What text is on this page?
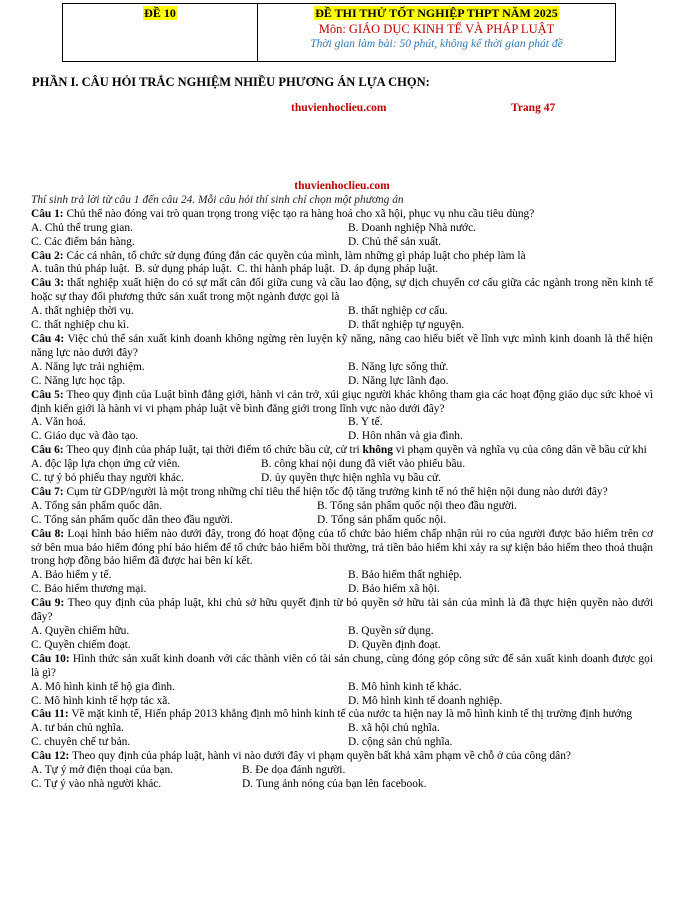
ĐỀ 10	ĐỀ THI THỬ TỐT NGHIỆP THPT NĂM 2025
Môn: GIÁO DỤC KINH TẾ VÀ PHÁP LUẬT
Thời gian làm bài: 50 phút, không kể thời gian phát đề
PHẦN I. CÂU HỎI TRẮC NGHIỆM NHIỀU PHƯƠNG ÁN LỰA CHỌN:
thuvienhoclieu.com	Trang 47
thuvienhoclieu.com
Thí sinh trả lời từ câu 1 đến câu 24. Mỗi câu hỏi thí sinh chỉ chọn một phương án
Câu 1: Chủ thể nào đóng vai trò quan trọng trong việc tạo ra hàng hoá cho xã hội, phục vụ nhu cầu tiêu dùng?
A. Chủ thể trung gian.	B. Doanh nghiệp Nhà nước.
C. Các điểm bán hàng.	D. Chủ thể sản xuất.
Câu 2: Các cá nhân, tổ chức sử dụng đúng đắn các quyền của mình, làm những gì pháp luật cho phép làm là
A. tuân thủ pháp luật. B. sử dụng pháp luật. C. thi hành pháp luật. D. áp dụng pháp luật.
Câu 3: thất nghiệp xuất hiện do có sự mất cân đối giữa cung và cầu lao động, sự dịch chuyển cơ cấu giữa các ngành trong nền kinh tế hoặc sự thay đổi phương thức sản xuất trong một ngành được gọi là
A. thất nghiệp thời vụ.	B. thất nghiệp cơ cấu.
C. thất nghiệp chu kì.	D. thất nghiệp tự nguyện.
Câu 4: Việc chủ thể sản xuất kinh doanh không ngừng rèn luyện kỹ năng, nâng cao hiểu biết về lĩnh vực mình kinh doanh là thể hiện năng lực nào dưới đây?
A. Năng lực trải nghiệm.	B. Năng lực sống thử.
C. Năng lực học tập.	D. Năng lực lãnh đạo.
Câu 5: Theo quy định của Luật bình đẳng giới, hành vi cản trở, xúi giục người khác không tham gia các hoạt động giáo dục sức khoẻ vì định kiến giới là hành vi vi phạm pháp luật về bình đẳng giới trong lĩnh vực nào dưới đây?
A. Văn hoá.	B. Y tế.
C. Giáo dục và đào tạo.	D. Hôn nhân và gia đình.
Câu 6: Theo quy định của pháp luật, tại thời điểm tổ chức bầu cử, cử tri không vi phạm quyền và nghĩa vụ của công dân về bầu cử khi
A. độc lập lựa chọn ứng cử viên.	B. công khai nội dung đã viết vào phiếu bầu.
C. tự ý bỏ phiếu thay người khác.	D. ủy quyền thực hiện nghĩa vụ bầu cử.
Câu 7: Cụm từ GDP/người là một trong những chỉ tiêu thể hiện tốc độ tăng trưởng kinh tế nó thể hiện nội dung nào dưới đây?
A. Tổng sản phẩm quốc dân.	B. Tổng sản phẩm quốc nội theo đầu người.
C. Tổng sản phẩm quốc dân theo đầu người.	D. Tổng sản phẩm quốc nội.
Câu 8: Loại hình bảo hiểm nào dưới đây, trong đó hoạt động của tổ chức bảo hiểm chấp nhận rủi ro của người được bảo hiểm trên cơ sở bên mua bảo hiểm đóng phí bảo hiểm để tổ chức bảo hiểm bồi thường, trả tiền bảo hiểm khi xảy ra sự kiện bảo hiểm theo thoả thuận trong hợp đồng bảo hiểm đã được hai bên kí kết.
A. Bảo hiểm y tế.	B. Bảo hiểm thất nghiệp.
C. Bảo hiểm thương mại.	D. Bảo hiểm xã hội.
Câu 9: Theo quy định của pháp luật, khi chủ sở hữu quyết định từ bỏ quyền sở hữu tài sản của mình là đã thực hiện quyền nào dưới đây?
A. Quyền chiếm hữu.	B. Quyền sử dụng.
C. Quyền chiếm đoạt.	D. Quyền định đoạt.
Câu 10: Hình thức sản xuất kinh doanh với các thành viên có tài sản chung, cùng đóng góp công sức để sản xuất kinh doanh được gọi là gì?
A. Mô hình kinh tế hộ gia đình.	B. Mô hình kinh tế khác.
C. Mô hình kinh tế hợp tác xã.	D. Mô hình kinh tế doanh nghiệp.
Câu 11: Về mặt kinh tế, Hiến pháp 2013 khẳng định mô hình kinh tế của nước ta hiện nay là mô hình kinh tế thị trường định hướng
A. tư bản chủ nghĩa.	B. xã hội chủ nghĩa.
C. chuyên chế tư bản.	D. cộng sản chủ nghĩa.
Câu 12: Theo quy định của pháp luật, hành vi nào dưới đây vi phạm quyền bất khả xâm phạm về chỗ ở của công dân?
A. Tự ý mở điện thoại của bạn.	B. Đe dọa đánh người.
C. Tự ý vào nhà người khác.	D. Tung ảnh nóng của bạn lên facebook.
